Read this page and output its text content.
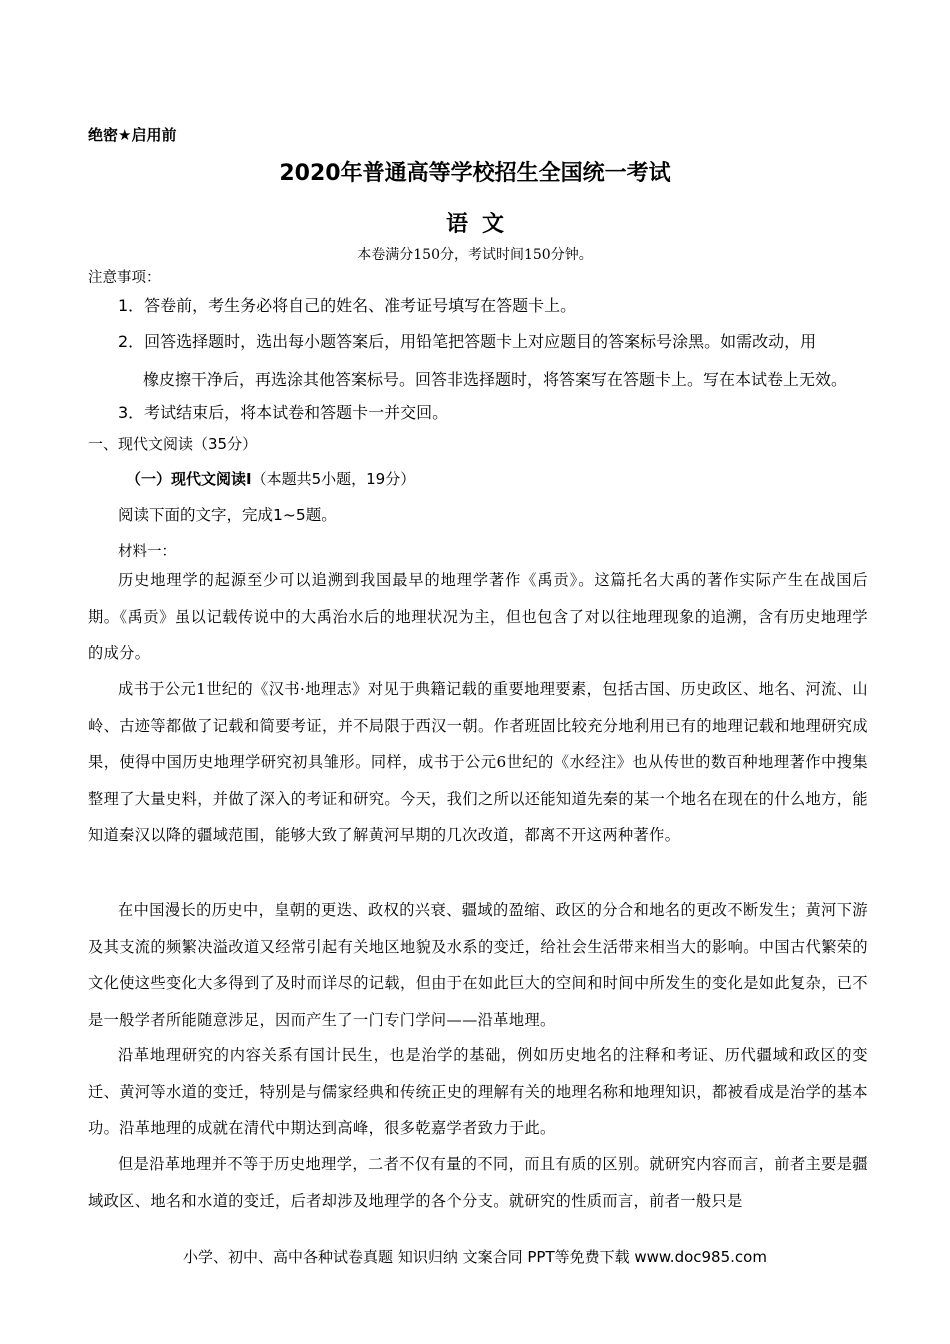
绝密★启用前
2020年普通高等学校招生全国统一考试
语文
本卷满分150分，考试时间150分钟。
注意事项：
1．答卷前，考生务必将自己的姓名、准考证号填写在答题卡上。
2．回答选择题时，选出每小题答案后，用铅笔把答题卡上对应题目的答案标号涂黑。如需改动，用
橡皮擦干净后，再选涂其他答案标号。回答非选择题时，将答案写在答题卡上。写在本试卷上无效。
3．考试结束后，将本试卷和答题卡一并交回。
一、现代文阅读（35分）
（一）现代文阅读I（本题共5小题，19分）
阅读下面的文字，完成1~5题。
材料一：
历史地理学的起源至少可以追溯到我国最早的地理学著作《禹贡》。这篇托名大禹的著作实际产生在战国后期。《禹贡》虽以记载传说中的大禹治水后的地理状况为主，但也包含了对以往地理现象的追溯，含有历史地理学的成分。
成书于公元1世纪的《汉书·地理志》对见于典籍记载的重要地理要素，包括古国、历史政区、地名、河流、山岭、古迹等都做了记载和简要考证，并不局限于西汉一朝。作者班固比较充分地利用已有的地理记载和地理研究成果，使得中国历史地理学研究初具雏形。同样，成书于公元6世纪的《水经注》也从传世的数百种地理著作中搜集整理了大量史料，并做了深入的考证和研究。今天，我们之所以还能知道先秦的某一个地名在现在的什么地方，能知道秦汉以降的疆域范围，能够大致了解黄河早期的几次改道，都离不开这两种著作。
在中国漫长的历史中，皇朝的更迭、政权的兴衰、疆域的盈缩、政区的分合和地名的更改不断发生；黄河下游及其支流的频繁决溢改道又经常引起有关地区地貌及水系的变迁，给社会生活带来相当大的影响。中国古代繁荣的文化使这些变化大多得到了及时而详尽的记载，但由于在如此巨大的空间和时间中所发生的变化是如此复杂，已不是一般学者所能随意涉足，因而产生了一门专门学问——沿革地理。
沿革地理研究的内容关系有国计民生，也是治学的基础，例如历史地名的注释和考证、历代疆域和政区的变迁、黄河等水道的变迁，特别是与儒家经典和传统正史的理解有关的地理名称和地理知识，都被看成是治学的基本功。沿革地理的成就在清代中期达到高峰，很多乾嘉学者致力于此。
但是沿革地理并不等于历史地理学，二者不仅有量的不同，而且有质的区别。就研究内容而言，前者主要是疆域政区、地名和水道的变迁，后者却涉及地理学的各个分支。就研究的性质而言，前者一般只是
小学、初中、高中各种试卷真题 知识归纳 文案合同 PPT等免费下载 www.doc985.com
